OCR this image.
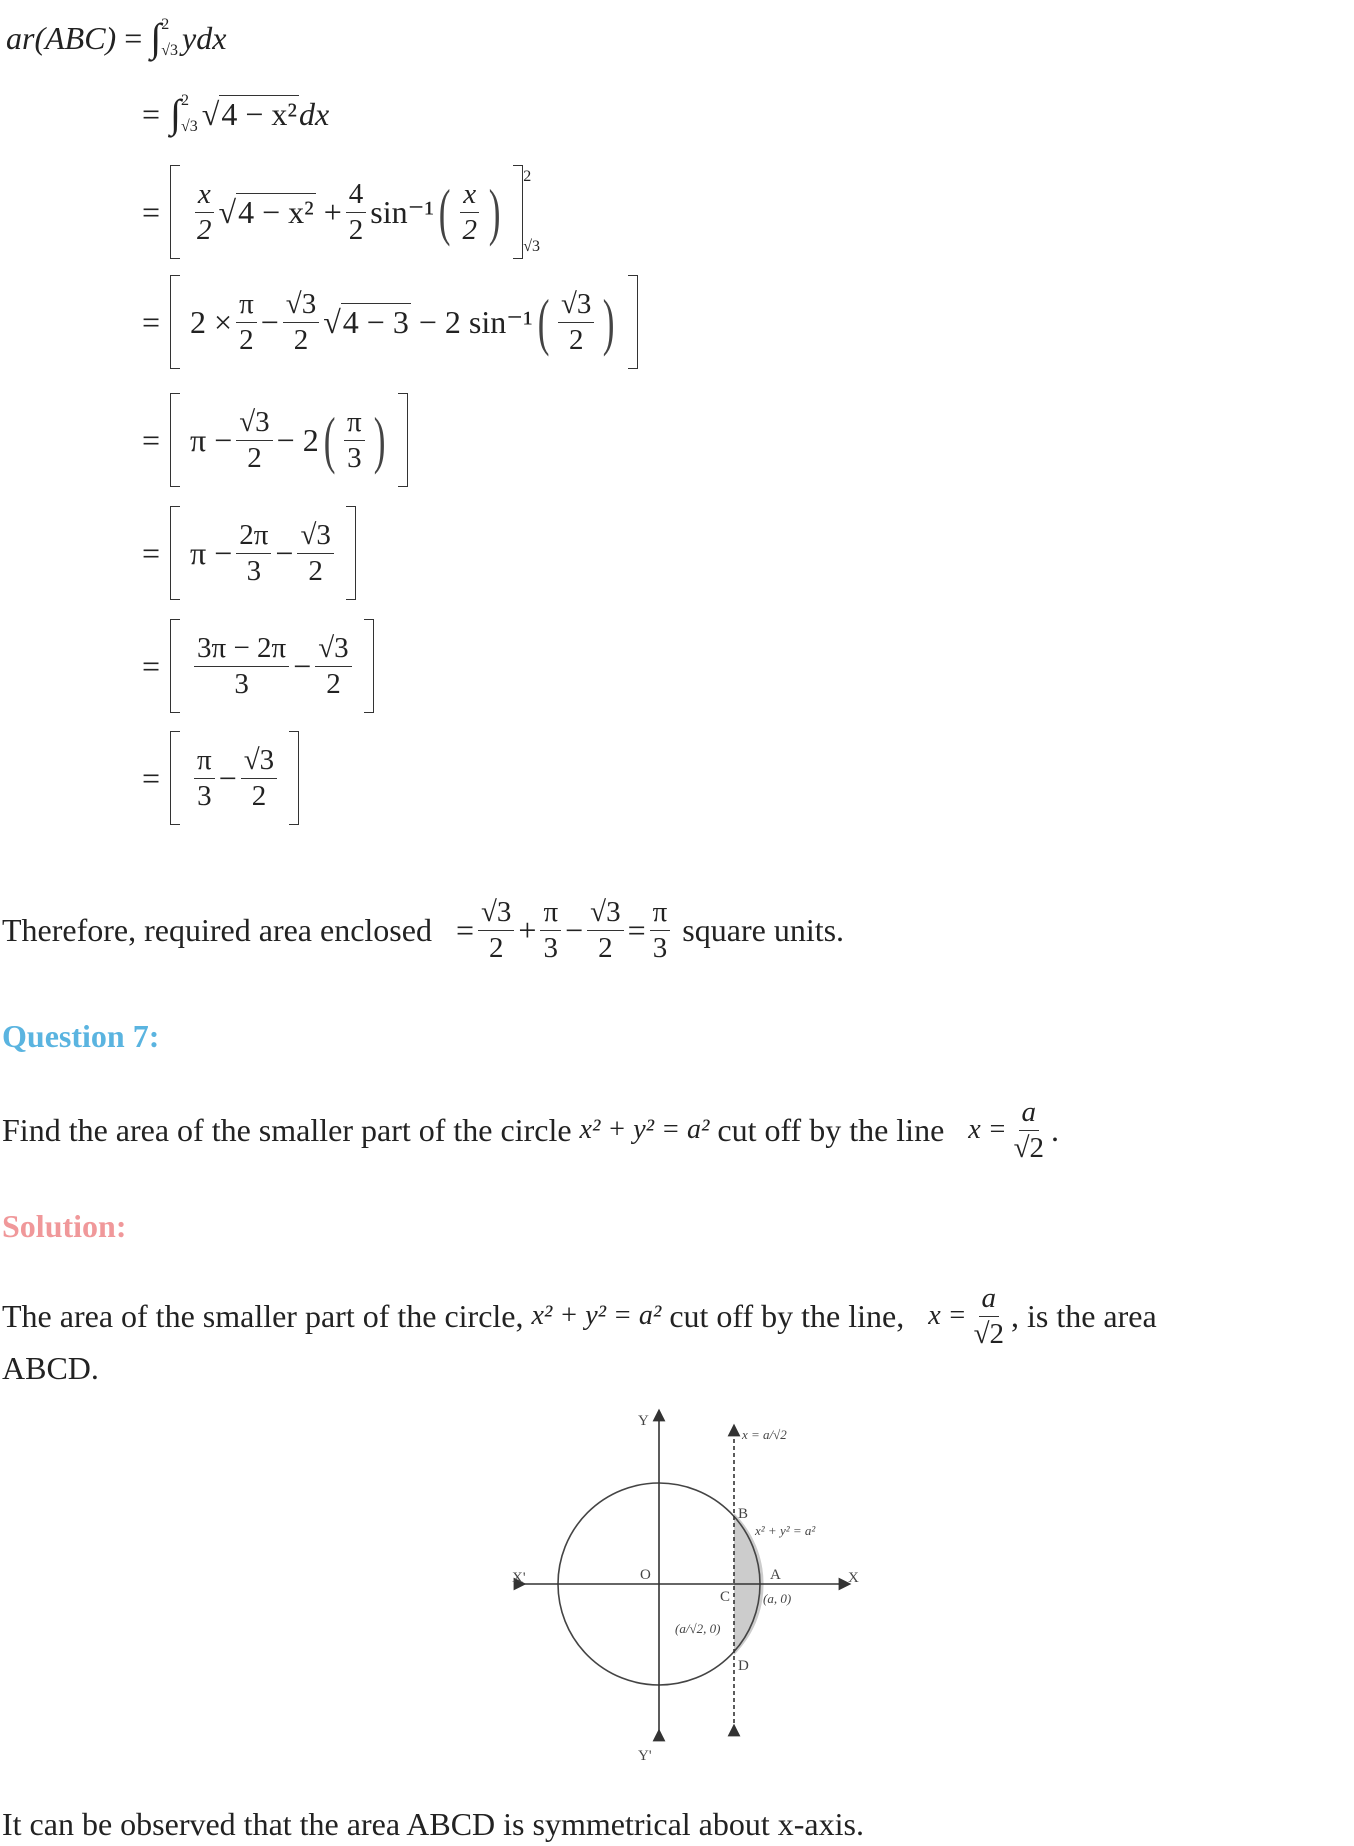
ar(ABC)
=
∫ 2
√3 ydx
= ∫ 2
√3 √ 4 − x² dx
= $\frac{x}{2}$ √ 4 − x²
+ $\frac{4}{2} \sin^{-1}$ ( $\frac{x}{2}$ ) 2
√3
= $2 \times \frac{\pi}{2} - \frac{√3}{2}$ √ 4 − 3
− 2 sin⁻¹ ( $\frac{√3}{2}$ )
= $\pi - \frac{√3}{2} - 2$ ( $\frac{\pi}{3}$ )
= $\pi - \frac{2\pi}{3} - \frac{√3}{2}$
= $\frac{3\pi - 2\pi}{3} - \frac{√3}{2}$
= $\frac{\pi}{3} - \frac{√3}{2}$
Therefore, required area enclosed
= $\frac{√3}{2} + \frac{\pi}{3} - \frac{√3}{2} = \frac{\pi}{3}$
square units.
Question 7:
Find the area of the smaller part of the circle
x² + y² = a²
cut off by the line
$x = \frac{a}{√2}$ .
Solution:
The area of the smaller part of the circle,
x² + y² = a²
cut off by the line,
$x = \frac{a}{√2}$ , is the area
ABCD.
Y
Y'
X
X'	O	A
B
C
D
(a, 0)
(a/√2, 0)
x = a/√2
x² + y² = a²
It can be observed that the area ABCD is symmetrical about x-axis.
